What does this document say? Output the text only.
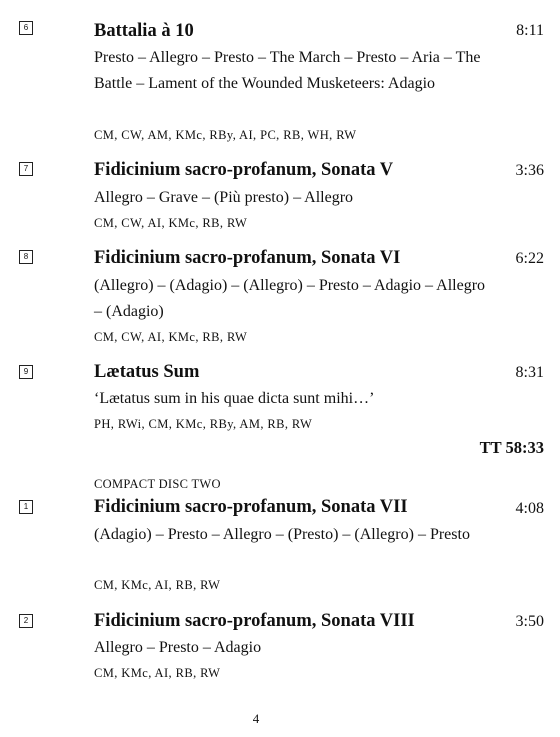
6	Battalia à 10	8:11
Presto – Allegro – Presto – The March – Presto – Aria – The Battle – Lament of the Wounded Musketeers: Adagio
CM, CW, AM, KMc, RBy, AI, PC, RB, WH, RW
7	Fidicinium sacro-profanum, Sonata V	3:36
Allegro – Grave – (Più presto) – Allegro
CM, CW, AI, KMc, RB, RW
8	Fidicinium sacro-profanum, Sonata VI	6:22
(Allegro) – (Adagio) – (Allegro) – Presto – Adagio – Allegro – (Adagio)
CM, CW, AI, KMc, RB, RW
9	Lætatus Sum	8:31
‘Lætatus sum in his quae dicta sunt mihi…’
PH, RWi, CM, KMc, RBy, AM, RB, RW
TT 58:33
COMPACT DISC TWO
1	Fidicinium sacro-profanum, Sonata VII	4:08
(Adagio) – Presto – Allegro – (Presto) – (Allegro) – Presto
CM, KMc, AI, RB, RW
2	Fidicinium sacro-profanum, Sonata VIII	3:50
Allegro – Presto – Adagio
CM, KMc, AI, RB, RW
4
